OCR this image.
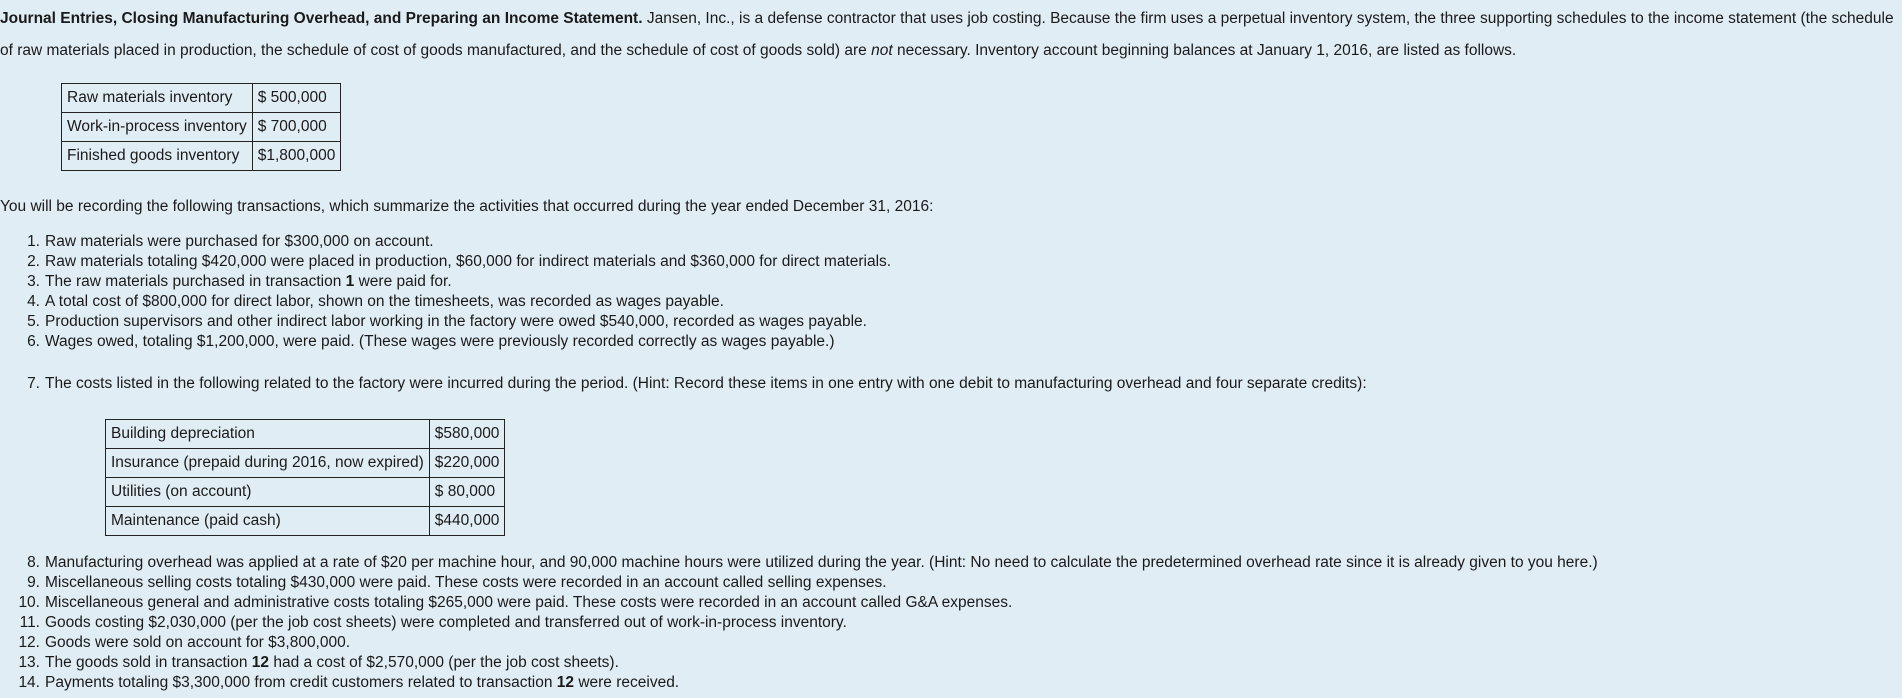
Journal Entries, Closing Manufacturing Overhead, and Preparing an Income Statement. Jansen, Inc., is a defense contractor that uses job costing. Because the firm uses a perpetual inventory system, the three supporting schedules to the income statement (the schedule of raw materials placed in production, the schedule of cost of goods manufactured, and the schedule of cost of goods sold) are not necessary. Inventory account beginning balances at January 1, 2016, are listed as follows.
Raw materials inventory	$ 500,000
Work-in-process inventory	$ 700,000
Finished goods inventory	$1,800,000
You will be recording the following transactions, which summarize the activities that occurred during the year ended December 31, 2016:
1. Raw materials were purchased for $300,000 on account.
2. Raw materials totaling $420,000 were placed in production, $60,000 for indirect materials and $360,000 for direct materials.
3. The raw materials purchased in transaction 1 were paid for.
4. A total cost of $800,000 for direct labor, shown on the timesheets, was recorded as wages payable.
5. Production supervisors and other indirect labor working in the factory were owed $540,000, recorded as wages payable.
6. Wages owed, totaling $1,200,000, were paid. (These wages were previously recorded correctly as wages payable.)
7. The costs listed in the following related to the factory were incurred during the period. (Hint: Record these items in one entry with one debit to manufacturing overhead and four separate credits):
Building depreciation	$580,000
Insurance (prepaid during 2016, now expired)	$220,000
Utilities (on account)	$ 80,000
Maintenance (paid cash)	$440,000
8. Manufacturing overhead was applied at a rate of $20 per machine hour, and 90,000 machine hours were utilized during the year. (Hint: No need to calculate the predetermined overhead rate since it is already given to you here.)
9. Miscellaneous selling costs totaling $430,000 were paid. These costs were recorded in an account called selling expenses.
10. Miscellaneous general and administrative costs totaling $265,000 were paid. These costs were recorded in an account called G&A expenses.
11. Goods costing $2,030,000 (per the job cost sheets) were completed and transferred out of work-in-process inventory.
12. Goods were sold on account for $3,800,000.
13. The goods sold in transaction 12 had a cost of $2,570,000 (per the job cost sheets).
14. Payments totaling $3,300,000 from credit customers related to transaction 12 were received.
